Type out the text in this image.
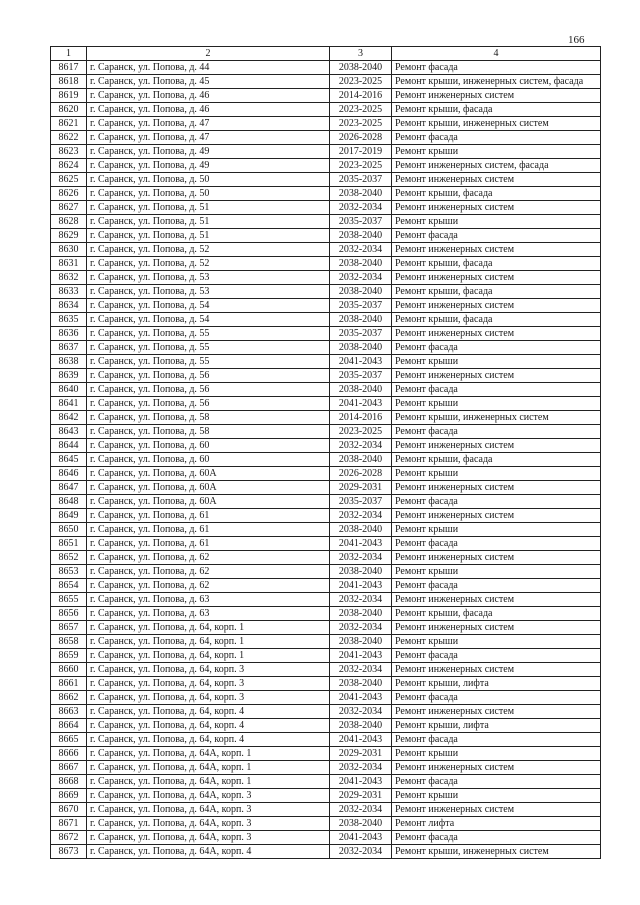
166
1	2	3	4
8617	г. Саранск, ул. Попова, д. 44	2038-2040	Ремонт фасада
8618	г. Саранск, ул. Попова, д. 45	2023-2025	Ремонт крыши, инженерных систем, фасада
8619	г. Саранск, ул. Попова, д. 46	2014-2016	Ремонт инженерных систем
8620	г. Саранск, ул. Попова, д. 46	2023-2025	Ремонт крыши, фасада
8621	г. Саранск, ул. Попова, д. 47	2023-2025	Ремонт крыши, инженерных систем
8622	г. Саранск, ул. Попова, д. 47	2026-2028	Ремонт фасада
8623	г. Саранск, ул. Попова, д. 49	2017-2019	Ремонт крыши
8624	г. Саранск, ул. Попова, д. 49	2023-2025	Ремонт инженерных систем, фасада
8625	г. Саранск, ул. Попова, д. 50	2035-2037	Ремонт инженерных систем
8626	г. Саранск, ул. Попова, д. 50	2038-2040	Ремонт крыши, фасада
8627	г. Саранск, ул. Попова, д. 51	2032-2034	Ремонт инженерных систем
8628	г. Саранск, ул. Попова, д. 51	2035-2037	Ремонт крыши
8629	г. Саранск, ул. Попова, д. 51	2038-2040	Ремонт фасада
8630	г. Саранск, ул. Попова, д. 52	2032-2034	Ремонт инженерных систем
8631	г. Саранск, ул. Попова, д. 52	2038-2040	Ремонт крыши, фасада
8632	г. Саранск, ул. Попова, д. 53	2032-2034	Ремонт инженерных систем
8633	г. Саранск, ул. Попова, д. 53	2038-2040	Ремонт крыши, фасада
8634	г. Саранск, ул. Попова, д. 54	2035-2037	Ремонт инженерных систем
8635	г. Саранск, ул. Попова, д. 54	2038-2040	Ремонт крыши, фасада
8636	г. Саранск, ул. Попова, д. 55	2035-2037	Ремонт инженерных систем
8637	г. Саранск, ул. Попова, д. 55	2038-2040	Ремонт фасада
8638	г. Саранск, ул. Попова, д. 55	2041-2043	Ремонт крыши
8639	г. Саранск, ул. Попова, д. 56	2035-2037	Ремонт инженерных систем
8640	г. Саранск, ул. Попова, д. 56	2038-2040	Ремонт фасада
8641	г. Саранск, ул. Попова, д. 56	2041-2043	Ремонт крыши
8642	г. Саранск, ул. Попова, д. 58	2014-2016	Ремонт крыши, инженерных систем
8643	г. Саранск, ул. Попова, д. 58	2023-2025	Ремонт фасада
8644	г. Саранск, ул. Попова, д. 60	2032-2034	Ремонт инженерных систем
8645	г. Саранск, ул. Попова, д. 60	2038-2040	Ремонт крыши, фасада
8646	г. Саранск, ул. Попова, д. 60А	2026-2028	Ремонт крыши
8647	г. Саранск, ул. Попова, д. 60А	2029-2031	Ремонт инженерных систем
8648	г. Саранск, ул. Попова, д. 60А	2035-2037	Ремонт фасада
8649	г. Саранск, ул. Попова, д. 61	2032-2034	Ремонт инженерных систем
8650	г. Саранск, ул. Попова, д. 61	2038-2040	Ремонт крыши
8651	г. Саранск, ул. Попова, д. 61	2041-2043	Ремонт фасада
8652	г. Саранск, ул. Попова, д. 62	2032-2034	Ремонт инженерных систем
8653	г. Саранск, ул. Попова, д. 62	2038-2040	Ремонт крыши
8654	г. Саранск, ул. Попова, д. 62	2041-2043	Ремонт фасада
8655	г. Саранск, ул. Попова, д. 63	2032-2034	Ремонт инженерных систем
8656	г. Саранск, ул. Попова, д. 63	2038-2040	Ремонт крыши, фасада
8657	г. Саранск, ул. Попова, д. 64, корп. 1	2032-2034	Ремонт инженерных систем
8658	г. Саранск, ул. Попова, д. 64, корп. 1	2038-2040	Ремонт крыши
8659	г. Саранск, ул. Попова, д. 64, корп. 1	2041-2043	Ремонт фасада
8660	г. Саранск, ул. Попова, д. 64, корп. 3	2032-2034	Ремонт инженерных систем
8661	г. Саранск, ул. Попова, д. 64, корп. 3	2038-2040	Ремонт крыши, лифта
8662	г. Саранск, ул. Попова, д. 64, корп. 3	2041-2043	Ремонт фасада
8663	г. Саранск, ул. Попова, д. 64, корп. 4	2032-2034	Ремонт инженерных систем
8664	г. Саранск, ул. Попова, д. 64, корп. 4	2038-2040	Ремонт крыши, лифта
8665	г. Саранск, ул. Попова, д. 64, корп. 4	2041-2043	Ремонт фасада
8666	г. Саранск, ул. Попова, д. 64А, корп. 1	2029-2031	Ремонт крыши
8667	г. Саранск, ул. Попова, д. 64А, корп. 1	2032-2034	Ремонт инженерных систем
8668	г. Саранск, ул. Попова, д. 64А, корп. 1	2041-2043	Ремонт фасада
8669	г. Саранск, ул. Попова, д. 64А, корп. 3	2029-2031	Ремонт крыши
8670	г. Саранск, ул. Попова, д. 64А, корп. 3	2032-2034	Ремонт инженерных систем
8671	г. Саранск, ул. Попова, д. 64А, корп. 3	2038-2040	Ремонт лифта
8672	г. Саранск, ул. Попова, д. 64А, корп. 3	2041-2043	Ремонт фасада
8673	г. Саранск, ул. Попова, д. 64А, корп. 4	2032-2034	Ремонт крыши, инженерных систем
